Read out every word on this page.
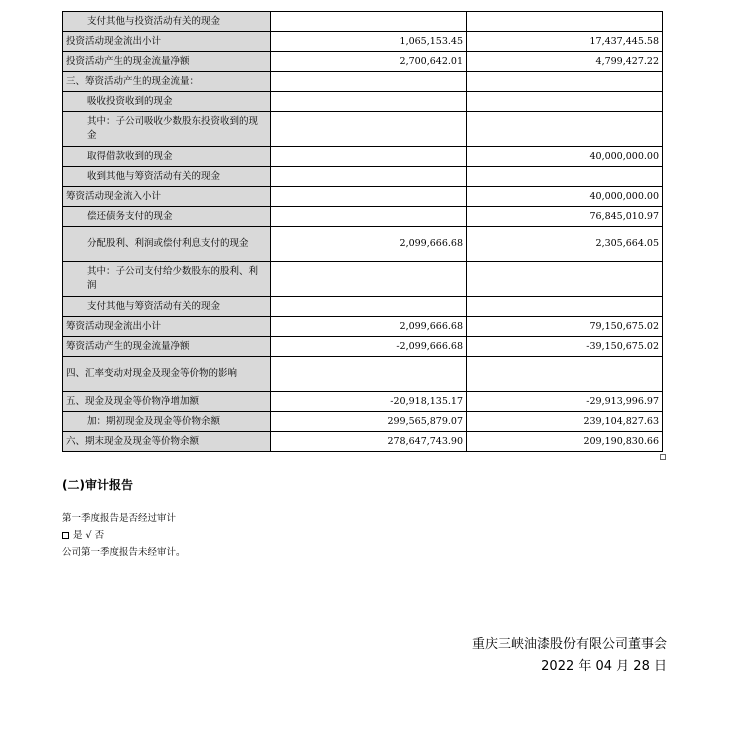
支付其他与投资活动有关的现金		
投资活动现金流出小计	1,065,153.45	17,437,445.58
投资活动产生的现金流量净额	2,700,642.01	4,799,427.22
三、筹资活动产生的现金流量：		
吸收投资收到的现金		
其中：子公司吸收少数股东投资收到的现金		
取得借款收到的现金		40,000,000.00
收到其他与筹资活动有关的现金		
筹资活动现金流入小计		40,000,000.00
偿还债务支付的现金		76,845,010.97
分配股利、利润或偿付利息支付的现金	2,099,666.68	2,305,664.05
其中：子公司支付给少数股东的股利、利润		
支付其他与筹资活动有关的现金		
筹资活动现金流出小计	2,099,666.68	79,150,675.02
筹资活动产生的现金流量净额	-2,099,666.68	-39,150,675.02
四、汇率变动对现金及现金等价物的影响		
五、现金及现金等价物净增加额	-20,918,135.17	-29,913,996.97
加：期初现金及现金等价物余额	299,565,879.07	239,104,827.63
六、期末现金及现金等价物余额	278,647,743.90	209,190,830.66
(二)审计报告
第一季度报告是否经过审计
是 √ 否
公司第一季度报告未经审计。
重庆三峡油漆股份有限公司董事会
2022 年 04 月 28 日
